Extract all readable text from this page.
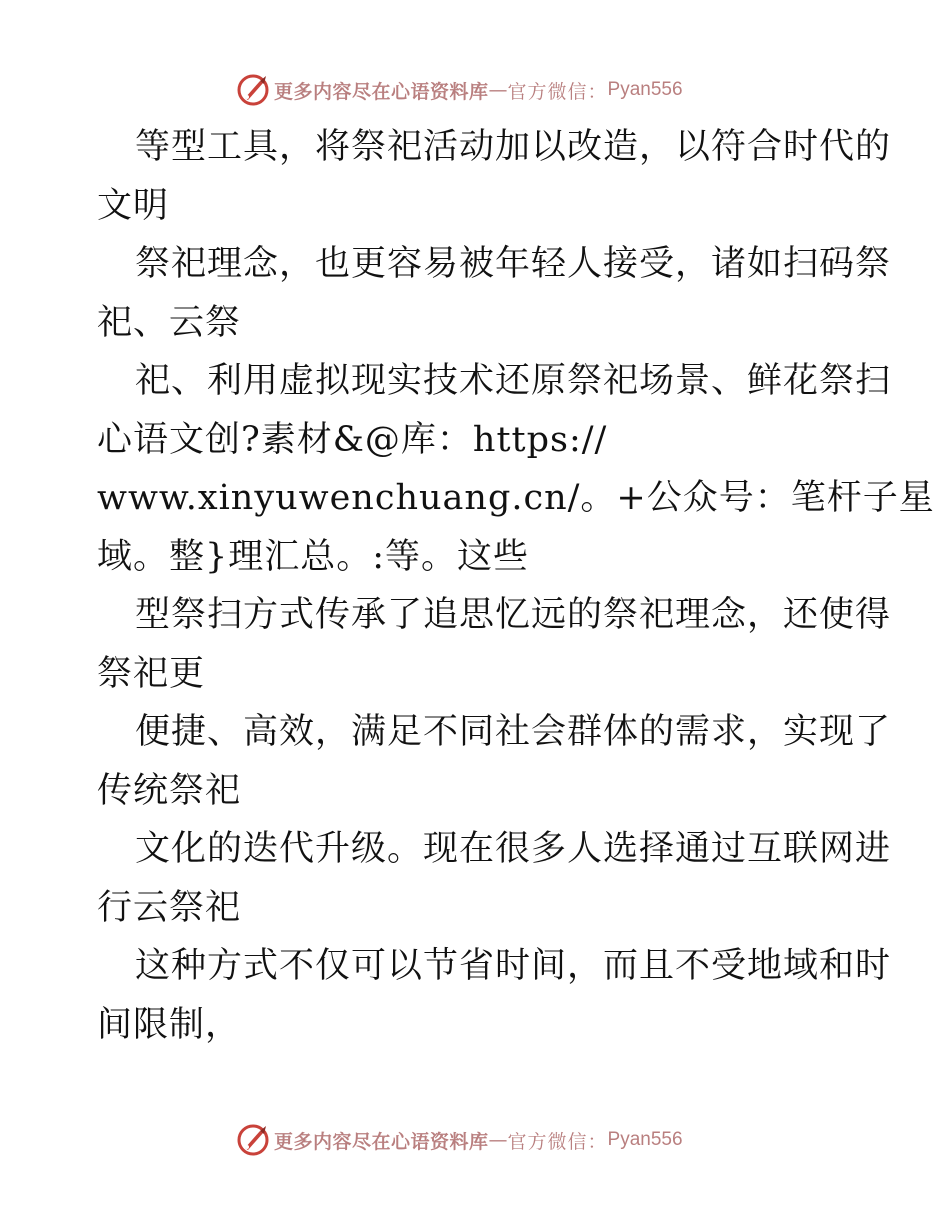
更多内容尽在心语资料库 — 官方微信： Pyan556
等型工具，将祭祀活动加以改造，以符合时代的
文明
祭祀理念，也更容易被年轻人接受，诸如扫码祭
祀、云祭
祀、利用虚拟现实技术还原祭祀场景、鲜花祭扫
心语文创?素材&@库：https://
www.xinyuwenchuang.cn/。+公众号：笔杆子星
域。整}理汇总。:等。这些
型祭扫方式传承了追思忆远的祭祀理念，还使得
祭祀更
便捷、高效，满足不同社会群体的需求，实现了
传统祭祀
文化的迭代升级。现在很多人选择通过互联网进
行云祭祀
这种方式不仅可以节省时间，而且不受地域和时
间限制，
更多内容尽在心语资料库 — 官方微信： Pyan556
